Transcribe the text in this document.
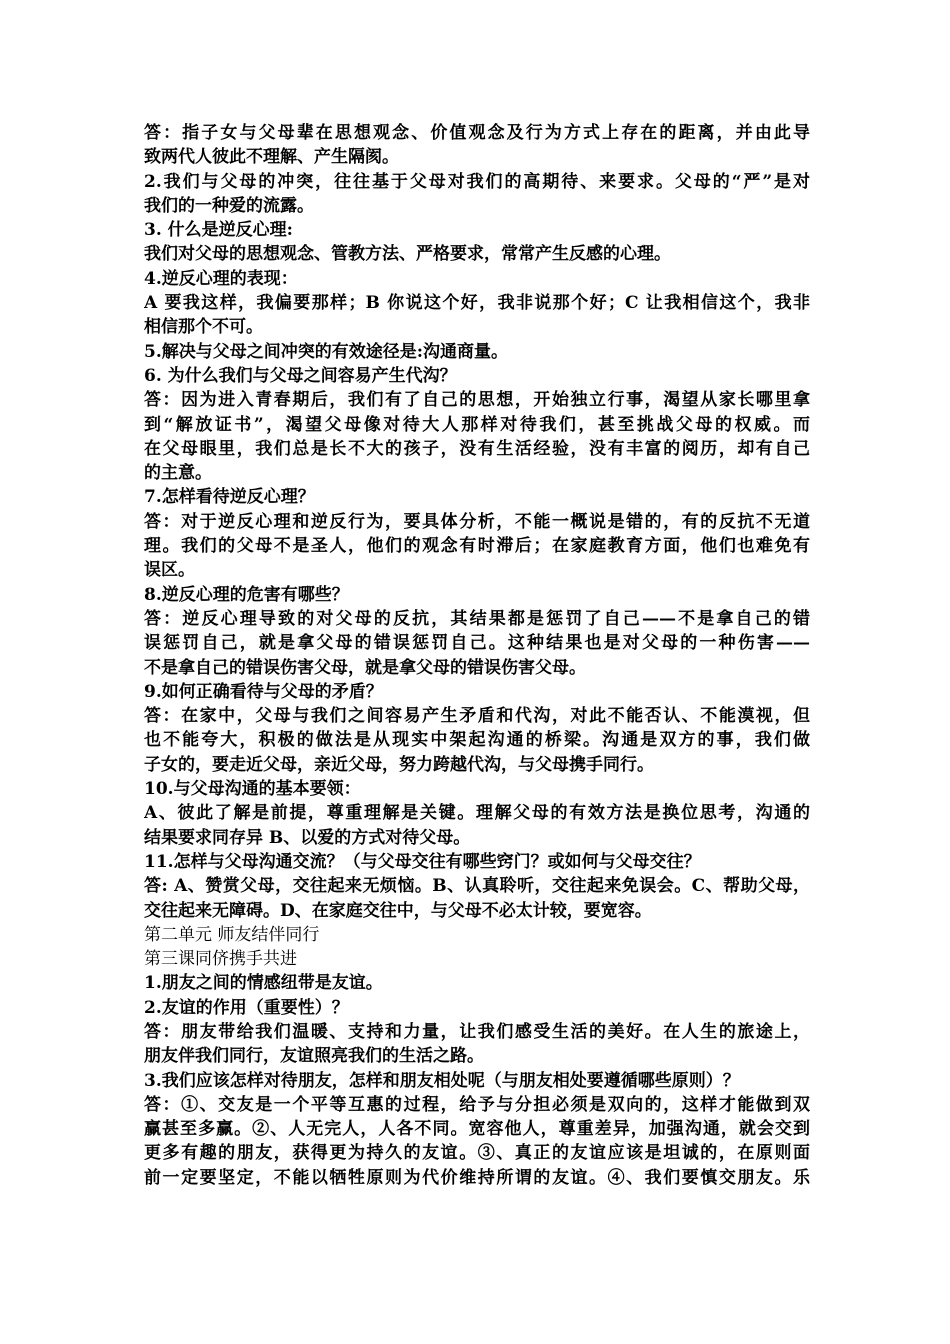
答：指子女与父母辈在思想观念、价值观念及行为方式上存在的距离，并由此导
致两代人彼此不理解、产生隔阂。
2.我们与父母的冲突，往往基于父母对我们的高期待、来要求。父母的“严”是对
我们的一种爱的流露。
3. 什么是逆反心理:
我们对父母的思想观念、管教方法、严格要求，常常产生反感的心理。
4.逆反心理的表现：
A 要我这样，我偏要那样；B 你说这个好，我非说那个好；C 让我相信这个，我非
相信那个不可。
5.解决与父母之间冲突的有效途径是:沟通商量。
6. 为什么我们与父母之间容易产生代沟？
答：因为进入青春期后，我们有了自己的思想，开始独立行事，渴望从家长哪里拿
到“解放证书”，渴望父母像对待大人那样对待我们，甚至挑战父母的权威。而
在父母眼里，我们总是长不大的孩子，没有生活经验，没有丰富的阅历，却有自己
的主意。
7.怎样看待逆反心理？
答：对于逆反心理和逆反行为，要具体分析，不能一概说是错的，有的反抗不无道
理。我们的父母不是圣人，他们的观念有时滞后；在家庭教育方面，他们也难免有
误区。
8.逆反心理的危害有哪些？
答：逆反心理导致的对父母的反抗，其结果都是惩罚了自己——不是拿自己的错
误惩罚自己，就是拿父母的错误惩罚自己。这种结果也是对父母的一种伤害——
不是拿自己的错误伤害父母，就是拿父母的错误伤害父母。
9.如何正确看待与父母的矛盾？
答：在家中，父母与我们之间容易产生矛盾和代沟，对此不能否认、不能漠视，但
也不能夸大，积极的做法是从现实中架起沟通的桥梁。沟通是双方的事，我们做
子女的，要走近父母，亲近父母，努力跨越代沟，与父母携手同行。
10.与父母沟通的基本要领：
A、彼此了解是前提，尊重理解是关键。理解父母的有效方法是换位思考，沟通的
结果要求同存异 B、以爱的方式对待父母。
11.怎样与父母沟通交流？（与父母交往有哪些窍门？或如何与父母交往？
答: A、赞赏父母，交往起来无烦恼。B、认真聆听，交往起来免误会。C、帮助父母，
交往起来无障碍。D、在家庭交往中，与父母不必太计较，要宽容。
第二单元 师友结伴同行
第三课同侪携手共进
1.朋友之间的情感纽带是友谊。
2.友谊的作用（重要性）？
答：朋友带给我们温暖、支持和力量，让我们感受生活的美好。在人生的旅途上，
朋友伴我们同行，友谊照亮我们的生活之路。
3.我们应该怎样对待朋友，怎样和朋友相处呢（与朋友相处要遵循哪些原则）？
答：①、交友是一个平等互惠的过程，给予与分担必须是双向的，这样才能做到双
赢甚至多赢。②、人无完人，人各不同。宽容他人，尊重差异，加强沟通，就会交到
更多有趣的朋友，获得更为持久的友谊。③、真正的友谊应该是坦诚的，在原则面
前一定要坚定，不能以牺牲原则为代价维持所谓的友谊。④、我们要慎交朋友。乐
